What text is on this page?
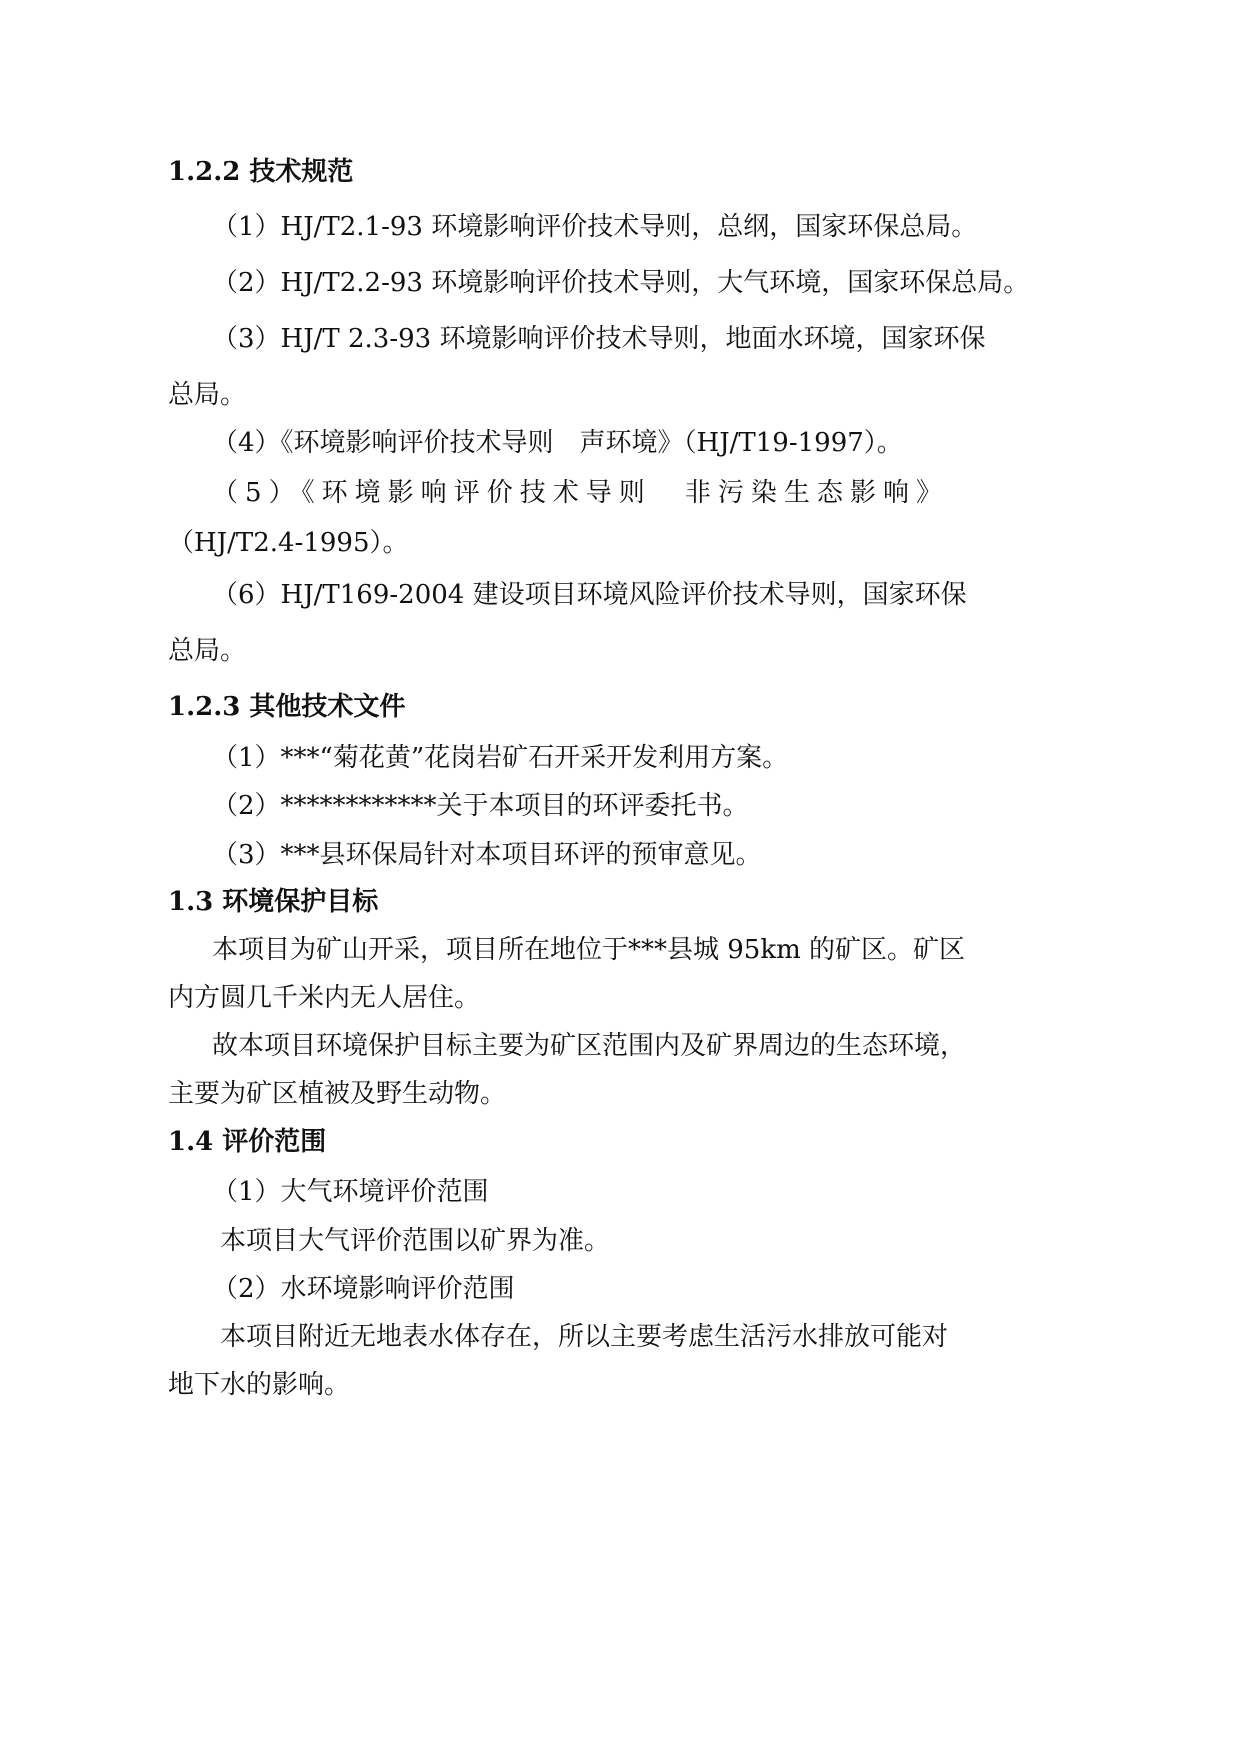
1.2.2 技术规范
（1）HJ/T2.1-93 环境影响评价技术导则，总纲，国家环保总局。
（2）HJ/T2.2-93 环境影响评价技术导则，大气环境，国家环保总局。
（3）HJ/T 2.3-93 环境影响评价技术导则，地面水环境，国家环保
总局。
（4）《环境影响评价技术导则　声环境》（HJ/T19-1997）。
（5）《环境影响评价技术导则　非污染生态影响》
（HJ/T2.4-1995）。
（6）HJ/T169-2004 建设项目环境风险评价技术导则，国家环保
总局。
1.2.3 其他技术文件
（1）***“菊花黄”花岗岩矿石开采开发利用方案。
（2）************关于本项目的环评委托书。
（3）***县环保局针对本项目环评的预审意见。
1.3 环境保护目标
本项目为矿山开采，项目所在地位于***县城 95km 的矿区。矿区
内方圆几千米内无人居住。
故本项目环境保护目标主要为矿区范围内及矿界周边的生态环境，
主要为矿区植被及野生动物。
1.4 评价范围
（1）大气环境评价范围
本项目大气评价范围以矿界为准。
（2）水环境影响评价范围
本项目附近无地表水体存在，所以主要考虑生活污水排放可能对
地下水的影响。
